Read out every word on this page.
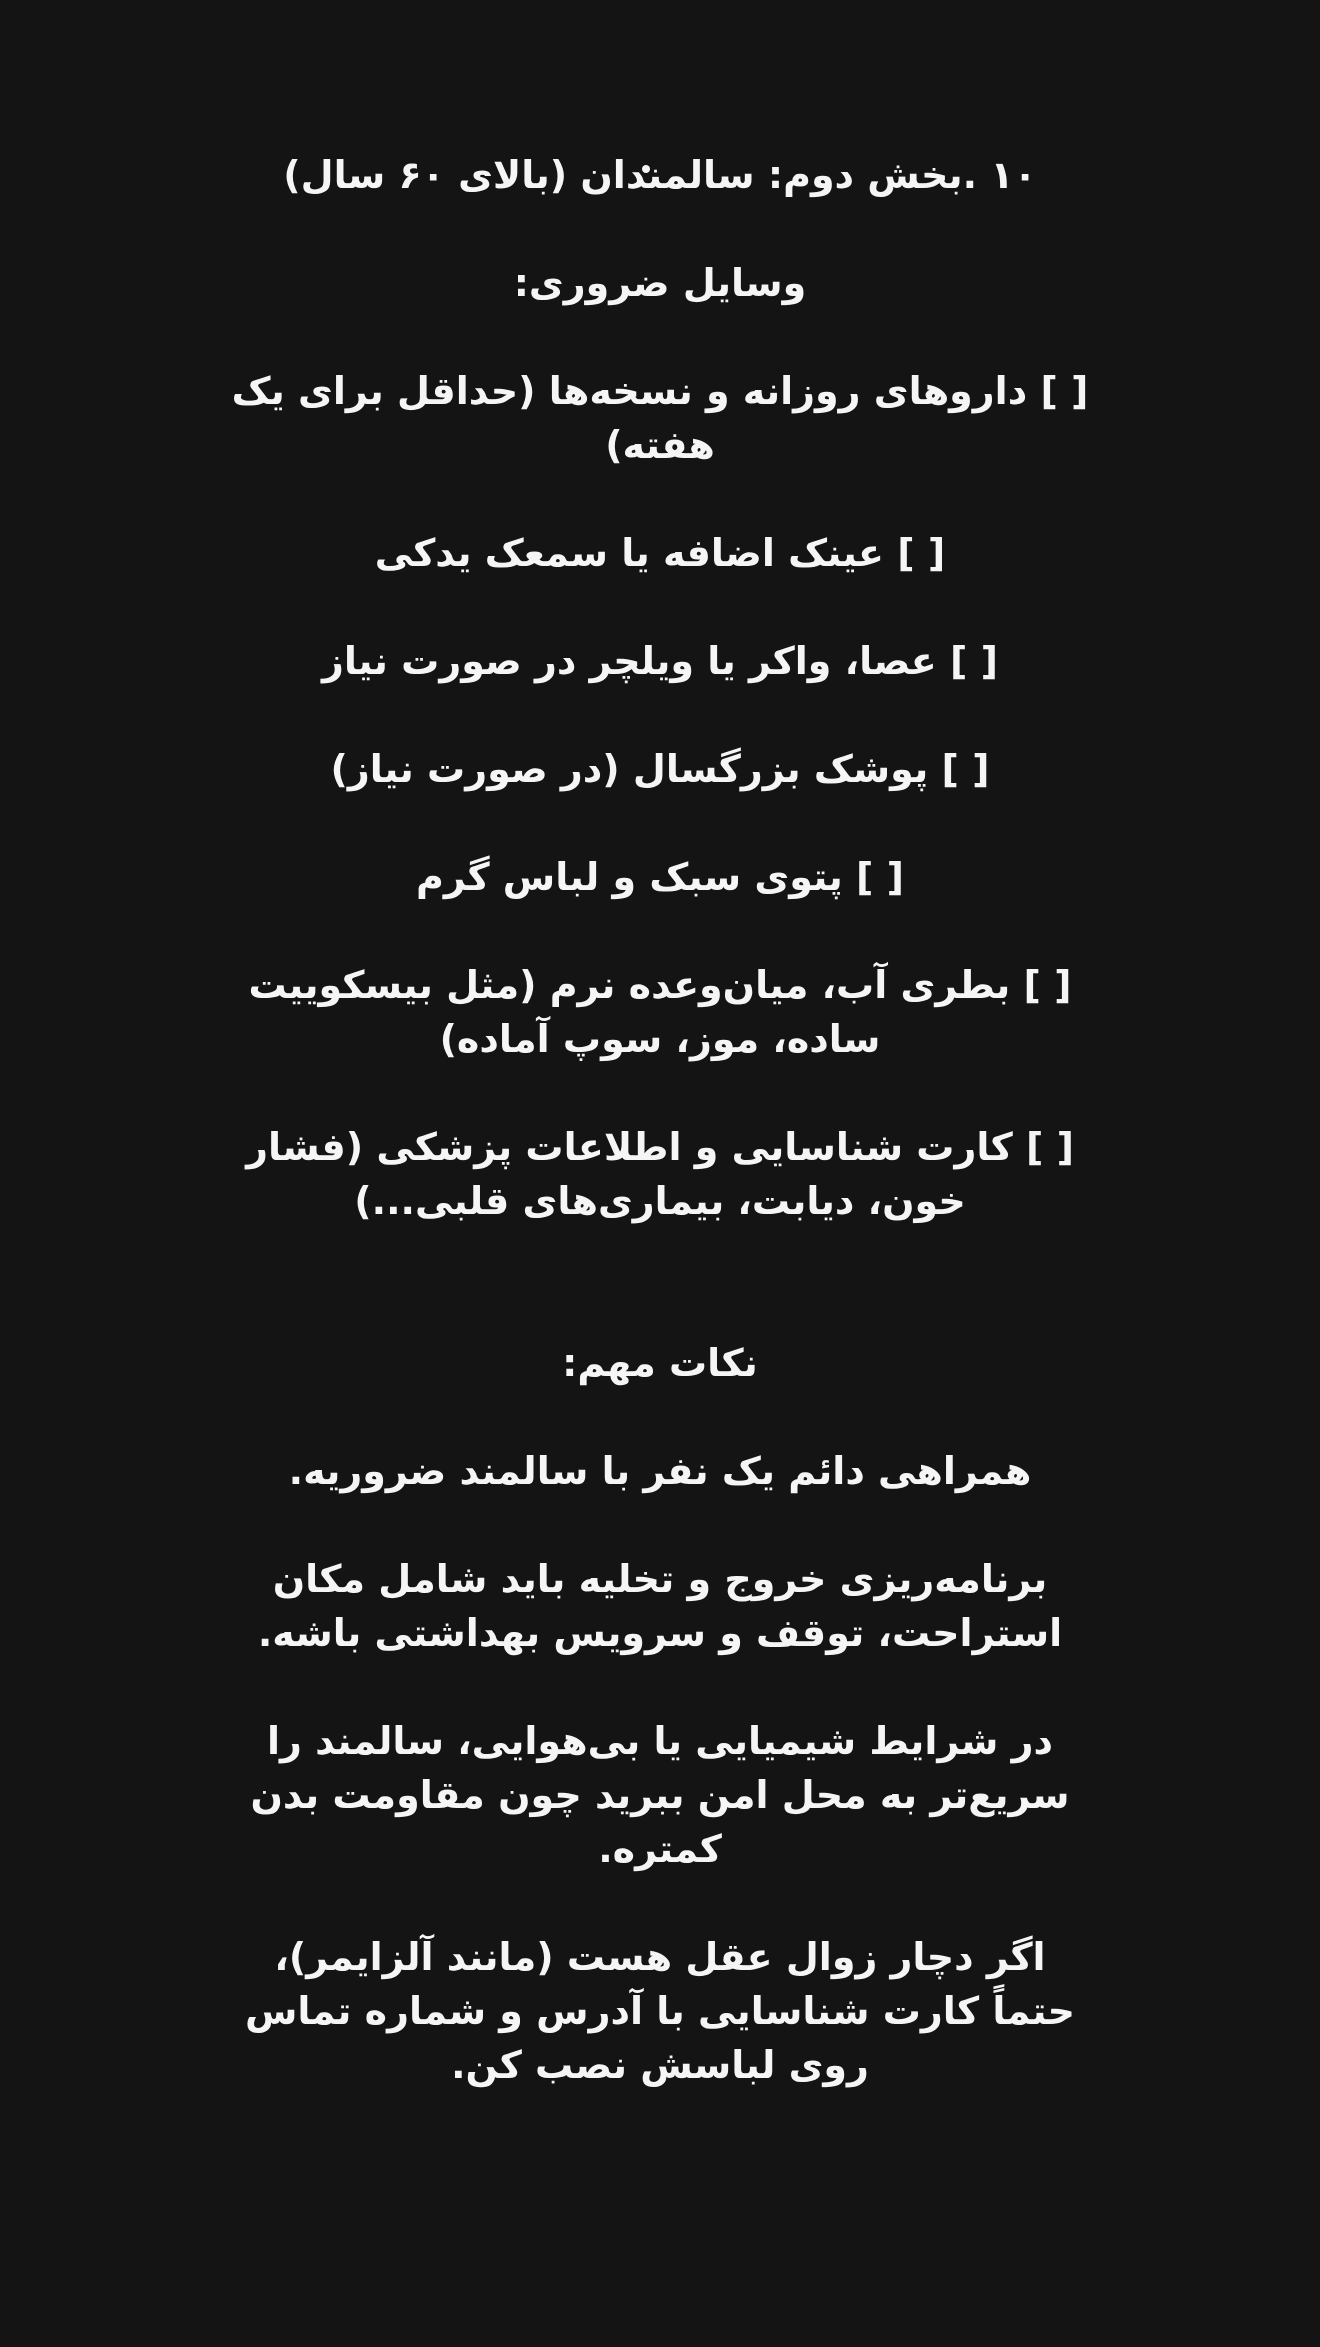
۱۰ .بخش دوم: سالمندان (بالای ۶۰ سال)

وسایل ضروری:

[ ] داروهای روزانه و نسخه‌ها (حداقل برای یک هفته)

[ ] عینک اضافه یا سمعک یدکی

[ ] عصا، واکر یا ویلچر در صورت نیاز

[ ] پوشک بزرگسال (در صورت نیاز)

[ ] پتوی سبک و لباس گرم

[ ] بطری آب، میان‌وعده نرم (مثل بیسکوییت ساده، موز، سوپ آماده)

[ ] کارت شناسایی و اطلاعات پزشکی (فشار خون، دیابت، بیماری‌های قلبی...)

نکات مهم:

همراهی دائم یک نفر با سالمند ضروریه.

برنامه‌ریزی خروج و تخلیه باید شامل مکان استراحت، توقف و سرویس بهداشتی باشه.

در شرایط شیمیایی یا بی‌هوایی، سالمند را سریع‌تر به محل امن ببرید چون مقاومت بدن کمتره.

اگر دچار زوال عقل هست (مانند آلزایمر)، حتماً کارت شناسایی با آدرس و شماره تماس روی لباسش نصب کن.
